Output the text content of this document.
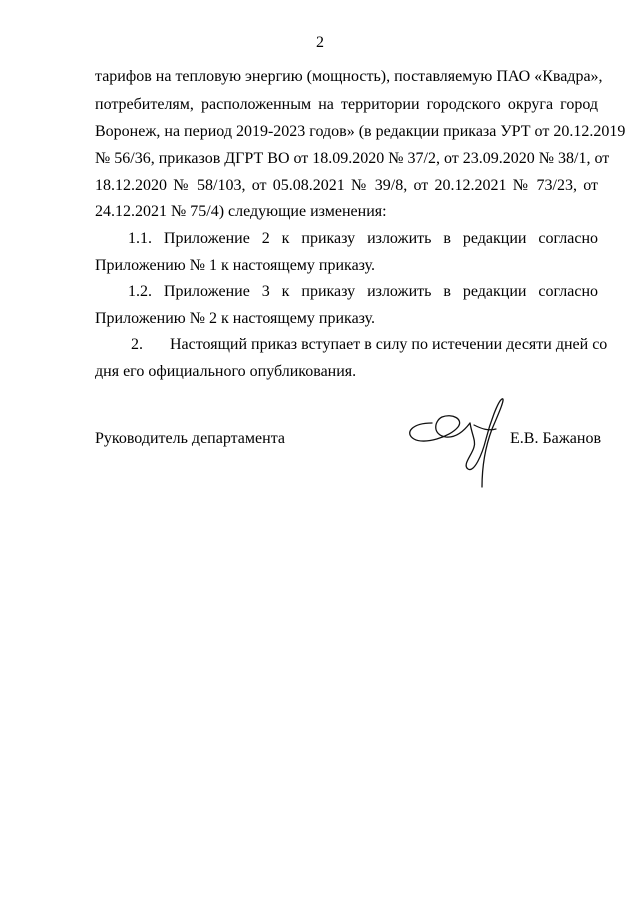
2
тарифов на тепловую энергию (мощность), поставляемую ПАО «Квадра»,
потребителям, расположенным на территории городского округа город
Воронеж, на период 2019-2023 годов» (в редакции приказа УРТ от 20.12.2019
№ 56/36, приказов ДГРТ ВО от 18.09.2020 № 37/2, от 23.09.2020 № 38/1, от
18.12.2020 № 58/103, от 05.08.2021 № 39/8, от 20.12.2021 № 73/23, от
24.12.2021 № 75/4) следующие изменения:
1.1. Приложение 2 к приказу изложить в редакции согласно
Приложению № 1 к настоящему приказу.
1.2. Приложение 3 к приказу изложить в редакции согласно
Приложению № 2 к настоящему приказу.
2. Настоящий приказ вступает в силу по истечении десяти дней со
дня его официального опубликования.
Руководитель департамента	Е.В. Бажанов
